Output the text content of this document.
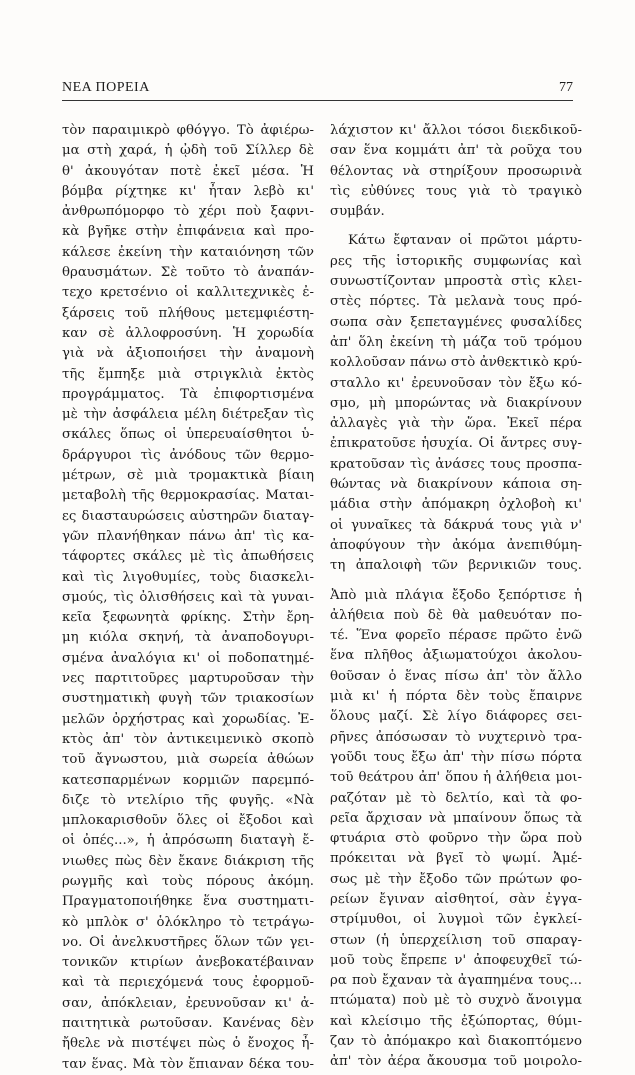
ΝΕΑ ΠΟΡΕΙΑ	77
τὸν παραιμικρὸ φθόγγο. Τὸ ἀφιέρω-
μα στὴ χαρά, ἡ ᾠδὴ τοῦ Σίλλερ δὲ
θ' ἀκουγόταν ποτὲ ἐκεῖ μέσα. Ἡ
βόμβα ρίχτηκε κι' ἦταν λεβὸ κι'
ἀνθρωπόμορφο τὸ χέρι ποὺ ξαφνι-
κὰ βγῆκε στὴν ἐπιφάνεια καὶ προ-
κάλεσε ἐκείνη τὴν καταιόνηση τῶν
θραυσμάτων. Σὲ τοῦτο τὸ ἀναπάν-
τεχο κρετσένιο οἱ καλλιτεχνικὲς ἐ-
ξάρσεις τοῦ πλήθους μετεμφιέστη-
καν σὲ ἀλλοφροσύνη. Ἡ χορωδία
γιὰ νὰ ἀξιοποιήσει τὴν ἀναμονὴ
τῆς ἔμπηξε μιὰ στριγκλιὰ ἐκτὸς
προγράμματος. Τὰ ἐπιφορτισμένα
μὲ τὴν ἀσφάλεια μέλη διέτρεξαν τὶς
σκάλες ὅπως οἱ ὑπερευαίσθητοι ὑ-
δράργυροι τὶς ἀνόδους τῶν θερμο-
μέτρων, σὲ μιὰ τρομακτικὰ βίαιη
μεταβολὴ τῆς θερμοκρασίας. Μαται-
ες διασταυρώσεις αὐστηρῶν διαταγ-
γῶν πλανήθηκαν πάνω ἀπ' τὶς κα-
τάφορτες σκάλες μὲ τὶς ἀπωθήσεις
καὶ τὶς λιγοθυμίες, τοὺς διασκελι-
σμούς, τὶς ὀλισθήσεις καὶ τὰ γυναι-
κεῖα ξεφωνητὰ φρίκης. Στὴν ἔρη-
μη κιόλα σκηνή, τὰ ἀναποδογυρι-
σμένα ἀναλόγια κι' οἱ ποδοπατημέ-
νες παρτιτοῦρες μαρτυροῦσαν τὴν
συστηματικὴ φυγὴ τῶν τριακοσίων
μελῶν ὀρχήστρας καὶ χορωδίας. Ἐ-
κτὸς ἀπ' τὸν ἀντικειμενικὸ σκοπὸ
τοῦ ἄγνωστου, μιὰ σωρεία ἀθώων
κατεσπαρμένων κορμιῶν παρεμπό-
διζε τὸ ντελίριο τῆς φυγῆς. «Νὰ
μπλοκαρισθοῦν ὅλες οἱ ἔξοδοι καὶ
οἱ ὀπές...», ἡ ἀπρόσωπη διαταγὴ ἔ-
νιωθες πὼς δὲν ἔκανε διάκριση τῆς
ρωγμῆς καὶ τοὺς πόρους ἀκόμη.
Πραγματοποιήθηκε ἕνα συστηματι-
κὸ μπλὸκ σ' ὁλόκληρο τὸ τετράγω-
νο. Οἱ ἀνελκυστῆρες ὅλων τῶν γει-
τονικῶν κτιρίων ἀνεβοκατέβαιναν
καὶ τὰ περιεχόμενά τους ἐφορμοῦ-
σαν, ἀπόκλειαν, ἐρευνοῦσαν κι' ἀ-
παιτητικὰ ρωτοῦσαν. Κανένας δὲν
ἤθελε νὰ πιστέψει πὼς ὁ ἔνοχος ἦ-
ταν ἕνας. Μὰ τὸν ἔπιαναν δέκα του-
λάχιστον κι' ἄλλοι τόσοι διεκδικοῦ-
σαν ἕνα κομμάτι ἀπ' τὰ ροῦχα του
θέλοντας νὰ στηρίξουν προσωρινὰ
τὶς εὐθύνες τους γιὰ τὸ τραγικὸ
συμβάν.
Κάτω ἔφταναν οἱ πρῶτοι μάρτυ-
ρες τῆς ἱστορικῆς συμφωνίας καὶ
συνωστίζονταν μπροστὰ στὶς κλει-
στὲς πόρτες. Τὰ μελανὰ τους πρό-
σωπα σὰν ξεπεταγμένες φυσαλίδες
ἀπ' ὅλη ἐκείνη τὴ μάζα τοῦ τρόμου
κολλοῦσαν πάνω στὸ ἀνθεκτικὸ κρύ-
σταλλο κι' ἐρευνοῦσαν τὸν ἔξω κό-
σμο, μὴ μπορώντας νὰ διακρίνουν
ἀλλαγὲς γιὰ τὴν ὥρα. Ἐκεῖ πέρα
ἐπικρατοῦσε ἡσυχία. Οἱ ἄντρες συγ-
κρατοῦσαν τὶς ἀνάσες τους προσπα-
θώντας νὰ διακρίνουν κάποια ση-
μάδια στὴν ἀπόμακρη ὀχλοβοὴ κι'
οἱ γυναῖκες τὰ δάκρυά τους γιὰ ν'
ἀποφύγουν τὴν ἀκόμα ἀνεπιθύμη-
τη ἀπαλοιφὴ τῶν βερνικιῶν τους.
Ἀπὸ μιὰ πλάγια ἔξοδο ξεπόρτισε ἡ
ἀλήθεια ποὺ δὲ θὰ μαθευόταν πο-
τέ. Ἕνα φορεῖο πέρασε πρῶτο ἐνῶ
ἕνα πλῆθος ἀξιωματούχοι ἀκολου-
θοῦσαν ὁ ἕνας πίσω ἀπ' τὸν ἄλλο
μιὰ κι' ἡ πόρτα δὲν τοὺς ἔπαιρνε
ὅλους μαζί. Σὲ λίγο διάφορες σει-
ρῆνες ἀπόσωσαν τὸ νυχτερινὸ τρα-
γοῦδι τους ἔξω ἀπ' τὴν πίσω πόρτα
τοῦ θεάτρου ἀπ' ὅπου ἡ ἀλήθεια μοι-
ραζόταν μὲ τὸ δελτίο, καὶ τὰ φο-
ρεῖα ἄρχισαν νὰ μπαίνουν ὅπως τὰ
φτυάρια στὸ φοῦρνο τὴν ὥρα ποὺ
πρόκειται νὰ βγεῖ τὸ ψωμί. Ἀμέ-
σως μὲ τὴν ἔξοδο τῶν πρώτων φο-
ρείων ἔγιναν αἰσθητοί, σὰν ἐγγα-
στρίμυθοι, οἱ λυγμοὶ τῶν ἐγκλεί-
στων (ἡ ὑπερχείλιση τοῦ σπαραγ-
μοῦ τοὺς ἔπρεπε ν' ἀποφευχθεῖ τώ-
ρα ποὺ ἔχαναν τὰ ἀγαπημένα τους...
πτώματα) ποὺ μὲ τὸ συχνὸ ἄνοιγμα
καὶ κλείσιμο τῆς ἐξώπορτας, θύμι-
ζαν τὸ ἀπόμακρο καὶ διακοπτόμενο
ἀπ' τὸν ἀέρα ἄκουσμα τοῦ μοιρολο-
